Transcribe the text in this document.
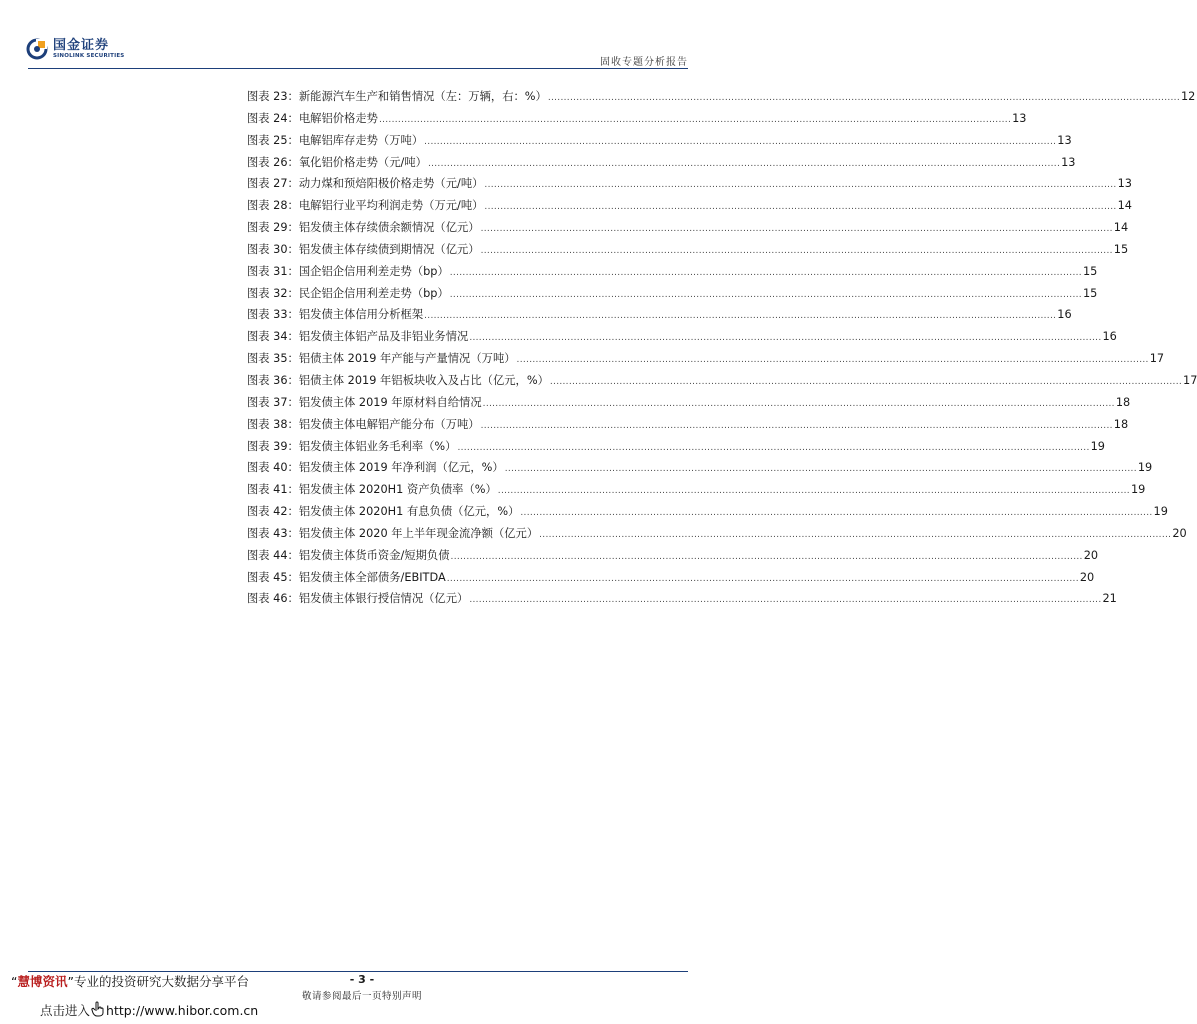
国金证券
SINOLINK SECURITIES
固收专题分析报告
图表 23：新能源汽车生产和销售情况（左：万辆，右：%） ........................................................................................................................................................................................................ 12
图表 24：电解铝价格走势 ........................................................................................................................................................................................................ 13
图表 25：电解铝库存走势（万吨） ........................................................................................................................................................................................................ 13
图表 26：氧化铝价格走势（元/吨） ........................................................................................................................................................................................................ 13
图表 27：动力煤和预焙阳极价格走势（元/吨） ........................................................................................................................................................................................................ 13
图表 28：电解铝行业平均利润走势（万元/吨） ........................................................................................................................................................................................................ 14
图表 29：铝发债主体存续债余额情况（亿元） ........................................................................................................................................................................................................ 14
图表 30：铝发债主体存续债到期情况（亿元） ........................................................................................................................................................................................................ 15
图表 31：国企铝企信用利差走势（bp） ........................................................................................................................................................................................................ 15
图表 32：民企铝企信用利差走势（bp） ........................................................................................................................................................................................................ 15
图表 33：铝发债主体信用分析框架 ........................................................................................................................................................................................................ 16
图表 34：铝发债主体铝产品及非铝业务情况 ........................................................................................................................................................................................................ 16
图表 35：铝债主体 2019 年产能与产量情况（万吨） ........................................................................................................................................................................................................ 17
图表 36：铝债主体 2019 年铝板块收入及占比（亿元，%） ........................................................................................................................................................................................................ 17
图表 37：铝发债主体 2019 年原材料自给情况 ........................................................................................................................................................................................................ 18
图表 38：铝发债主体电解铝产能分布（万吨） ........................................................................................................................................................................................................ 18
图表 39：铝发债主体铝业务毛利率（%） ........................................................................................................................................................................................................ 19
图表 40：铝发债主体 2019 年净利润（亿元，%） ........................................................................................................................................................................................................ 19
图表 41：铝发债主体 2020H1 资产负债率（%） ........................................................................................................................................................................................................ 19
图表 42：铝发债主体 2020H1 有息负债（亿元，%） ........................................................................................................................................................................................................ 19
图表 43：铝发债主体 2020 年上半年现金流净额（亿元） ........................................................................................................................................................................................................ 20
图表 44：铝发债主体货币资金/短期负债 ........................................................................................................................................................................................................ 20
图表 45：铝发债主体全部债务/EBITDA ........................................................................................................................................................................................................ 20
图表 46：铝发债主体银行授信情况（亿元） ........................................................................................................................................................................................................ 21
- 3 -
敬请参阅最后一页特别声明
“慧博资讯”专业的投资研究大数据分享平台
点击进入 http://www.hibor.com.cn
